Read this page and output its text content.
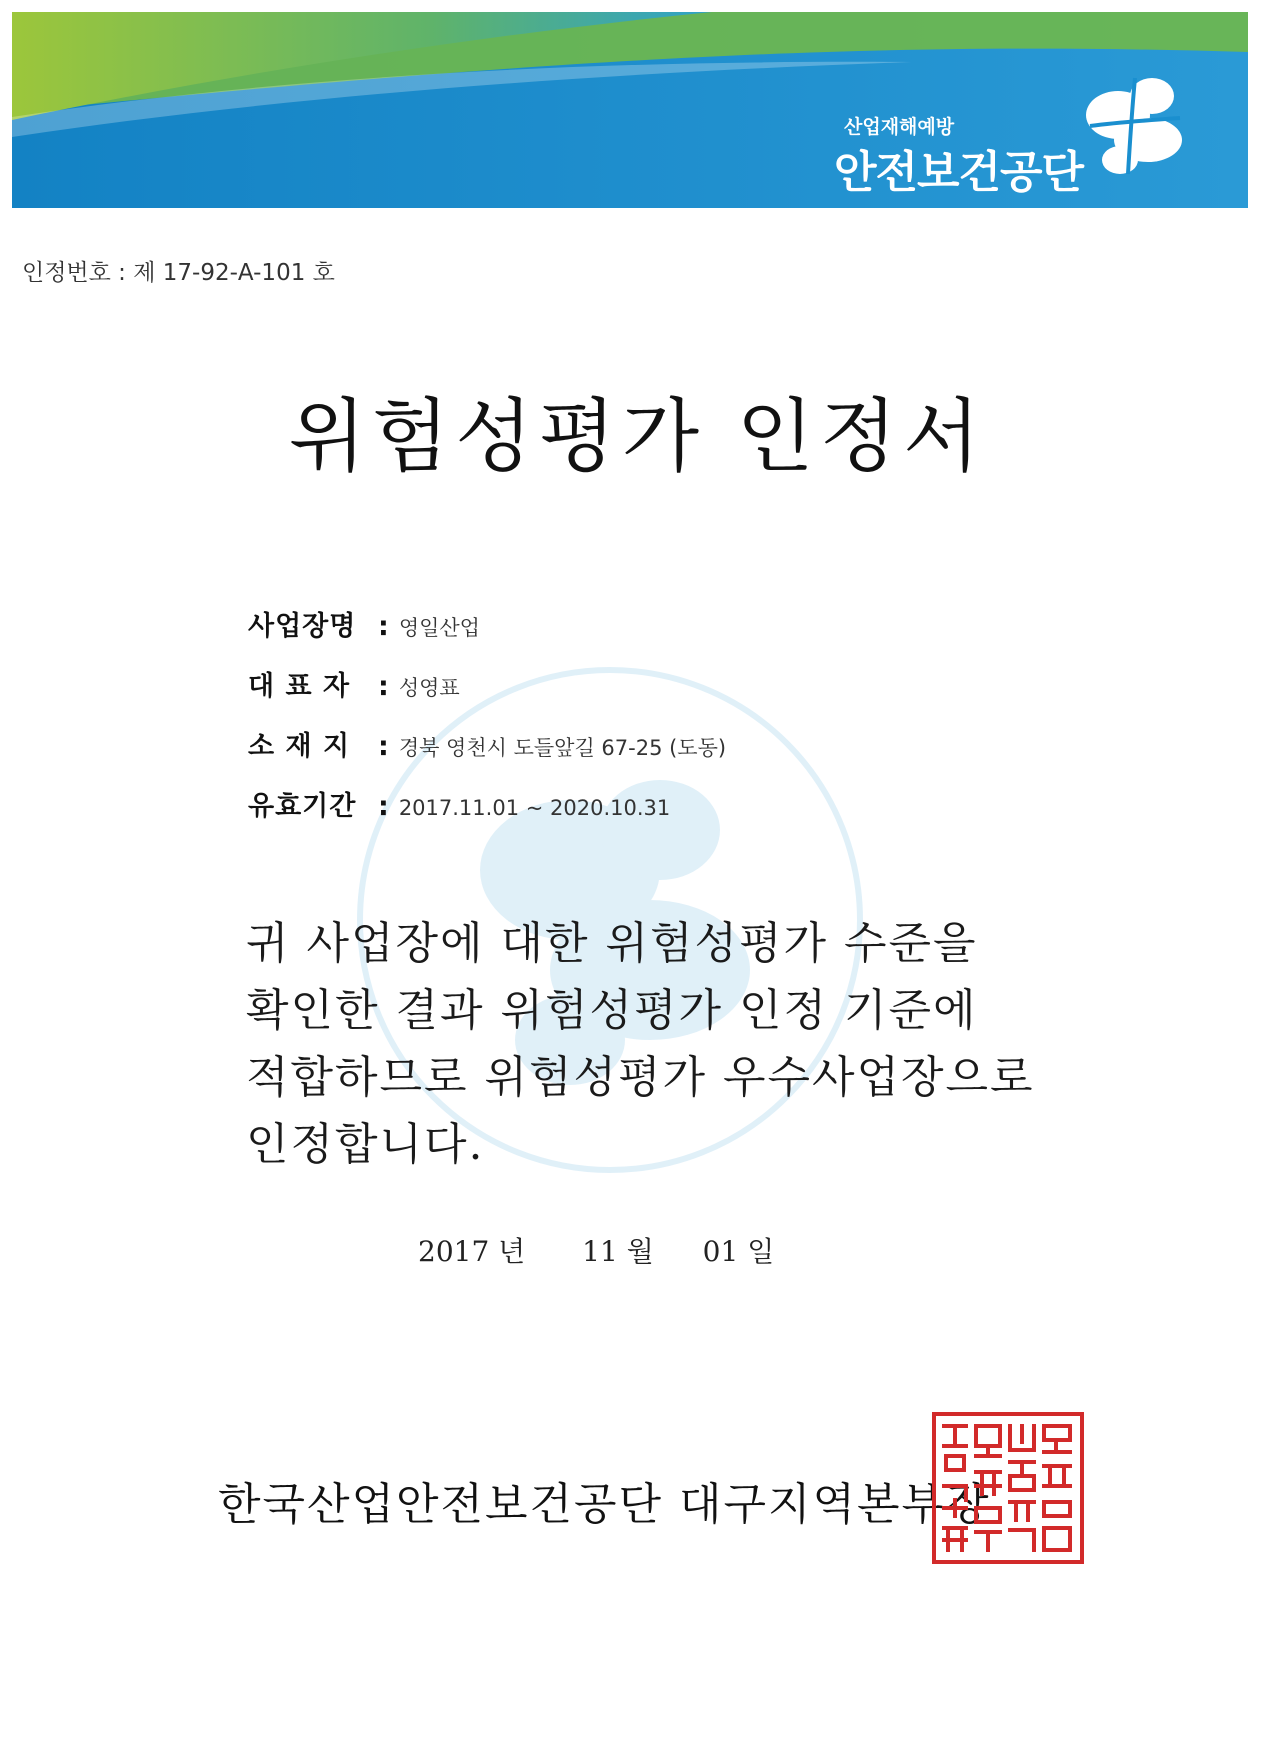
산업재해예방
안전보건공단
인정번호 : 제 17-92-A-101 호
위험성평가 인정서
사업장명 : 영일산업
대 표 자 : 성영표
소 재 지 : 경북 영천시 도들앞길 67-25 (도동)
유효기간 : 2017.11.01 ~ 2020.10.31
귀 사업장에 대한 위험성평가 수준을
확인한 결과 위험성평가 인정 기준에
적합하므로 위험성평가 우수사업장으로
인정합니다.
2017 년 11 월 01 일
한국산업안전보건공단 대구지역본부장
